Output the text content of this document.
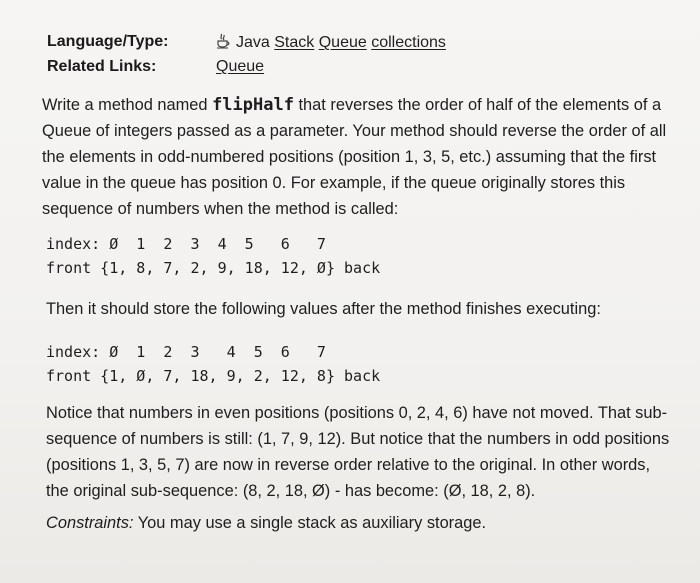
Language/Type:	Java Stack Queue collections
Related Links:	Queue
Write a method named flipHalf that reverses the order of half of the elements of a Queue of integers passed as a parameter. Your method should reverse the order of all the elements in odd-numbered positions (position 1, 3, 5, etc.) assuming that the first value in the queue has position 0. For example, if the queue originally stores this sequence of numbers when the method is called:
index: Ø  1  2  3  4  5   6   7
front {1, 8, 7, 2, 9, 18, 12, Ø} back
Then it should store the following values after the method finishes executing:
index: Ø  1  2  3   4  5  6   7
front {1, Ø, 7, 18, 9, 2, 12, 8} back
Notice that numbers in even positions (positions 0, 2, 4, 6) have not moved. That sub-sequence of numbers is still: (1, 7, 9, 12). But notice that the numbers in odd positions (positions 1, 3, 5, 7) are now in reverse order relative to the original. In other words, the original sub-sequence: (8, 2, 18, Ø) - has become: (Ø, 18, 2, 8).
Constraints: You may use a single stack as auxiliary storage.
